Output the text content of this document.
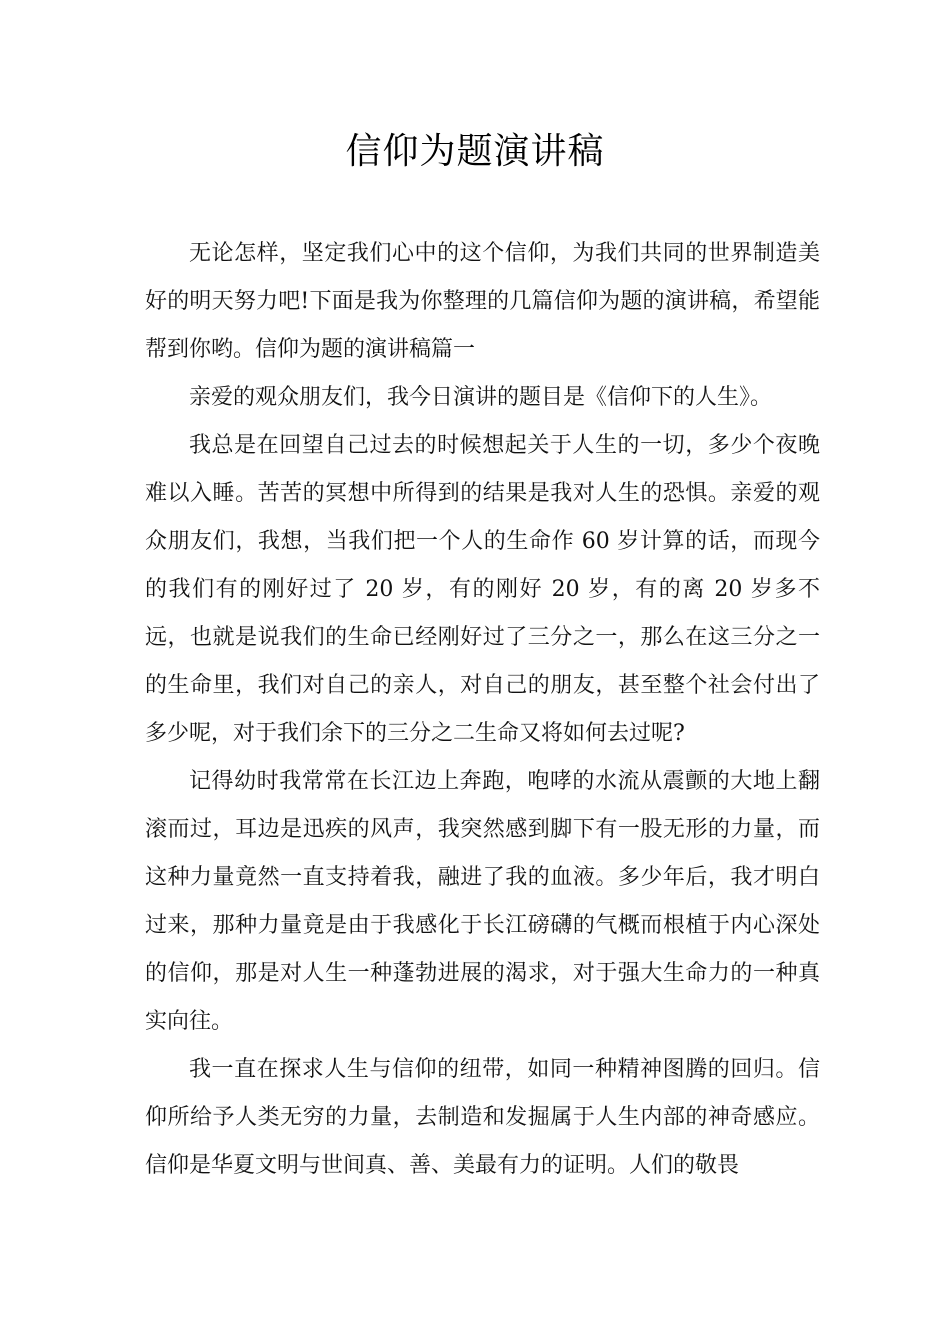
信仰为题演讲稿

无论怎样，坚定我们心中的这个信仰，为我们共同的世界制造美好的明天努力吧!下面是我为你整理的几篇信仰为题的演讲稿，希望能帮到你哟。信仰为题的演讲稿篇一

亲爱的观众朋友们，我今日演讲的题目是《信仰下的人生》。

我总是在回望自己过去的时候想起关于人生的一切，多少个夜晚难以入睡。苦苦的冥想中所得到的结果是我对人生的恐惧。亲爱的观众朋友们，我想，当我们把一个人的生命作 60 岁计算的话，而现今的我们有的刚好过了 20 岁，有的刚好 20 岁，有的离 20 岁多不远，也就是说我们的生命已经刚好过了三分之一，那么在这三分之一的生命里，我们对自己的亲人，对自己的朋友，甚至整个社会付出了多少呢，对于我们余下的三分之二生命又将如何去过呢?

记得幼时我常常在长江边上奔跑，咆哮的水流从震颤的大地上翻滚而过，耳边是迅疾的风声，我突然感到脚下有一股无形的力量，而这种力量竟然一直支持着我，融进了我的血液。多少年后，我才明白过来，那种力量竟是由于我感化于长江磅礴的气概而根植于内心深处的信仰，那是对人生一种蓬勃进展的渴求，对于强大生命力的一种真实向往。

我一直在探求人生与信仰的纽带，如同一种精神图腾的回归。信仰所给予人类无穷的力量，去制造和发掘属于人生内部的神奇感应。信仰是华夏文明与世间真、善、美最有力的证明。人们的敬畏
